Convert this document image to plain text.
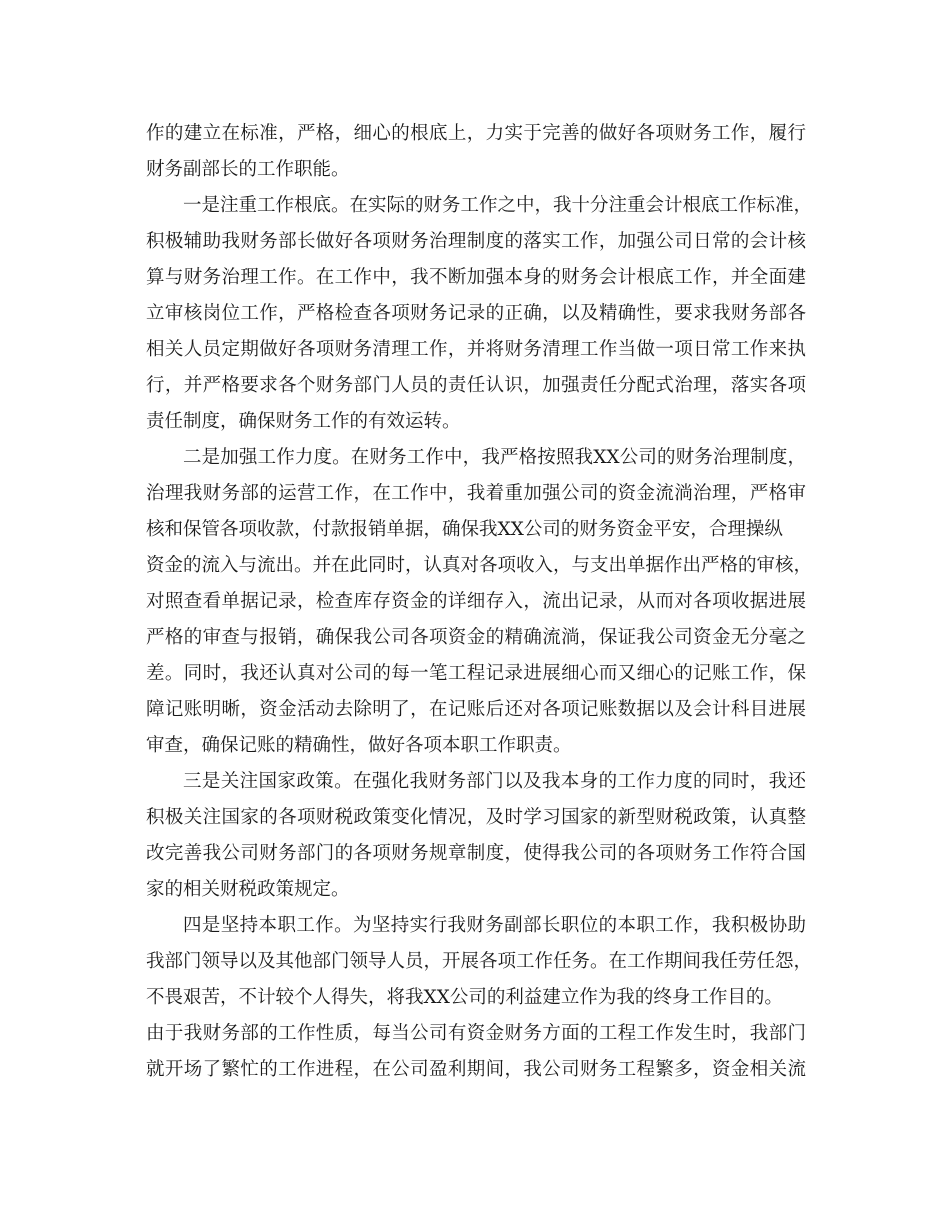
作的建立在标准，严格，细心的根底上，力实于完善的做好各项财务工作，履行
财务副部长的工作职能。
一是注重工作根底。在实际的财务工作之中，我十分注重会计根底工作标准，
积极辅助我财务部长做好各项财务治理制度的落实工作，加强公司日常的会计核
算与财务治理工作。在工作中，我不断加强本身的财务会计根底工作，并全面建
立审核岗位工作，严格检查各项财务记录的正确，以及精确性，要求我财务部各
相关人员定期做好各项财务清理工作，并将财务清理工作当做一项日常工作来执
行，并严格要求各个财务部门人员的责任认识，加强责任分配式治理，落实各项
责任制度，确保财务工作的有效运转。
二是加强工作力度。在财务工作中，我严格按照我XX公司的财务治理制度，
治理我财务部的运营工作，在工作中，我着重加强公司的资金流淌治理，严格审
核和保管各项收款，付款报销单据，确保我XX公司的财务资金平安，合理操纵
资金的流入与流出。并在此同时，认真对各项收入，与支出单据作出严格的审核，
对照查看单据记录，检查库存资金的详细存入，流出记录，从而对各项收据进展
严格的审查与报销，确保我公司各项资金的精确流淌，保证我公司资金无分毫之
差。同时，我还认真对公司的每一笔工程记录进展细心而又细心的记账工作，保
障记账明晰，资金活动去除明了，在记账后还对各项记账数据以及会计科目进展
审查，确保记账的精确性，做好各项本职工作职责。
三是关注国家政策。在强化我财务部门以及我本身的工作力度的同时，我还
积极关注国家的各项财税政策变化情况，及时学习国家的新型财税政策，认真整
改完善我公司财务部门的各项财务规章制度，使得我公司的各项财务工作符合国
家的相关财税政策规定。
四是坚持本职工作。为坚持实行我财务副部长职位的本职工作，我积极协助
我部门领导以及其他部门领导人员，开展各项工作任务。在工作期间我任劳任怨，
不畏艰苦，不计较个人得失，将我XX公司的利益建立作为我的终身工作目的。
由于我财务部的工作性质，每当公司有资金财务方面的工程工作发生时，我部门
就开场了繁忙的工作进程，在公司盈利期间，我公司财务工程繁多，资金相关流
